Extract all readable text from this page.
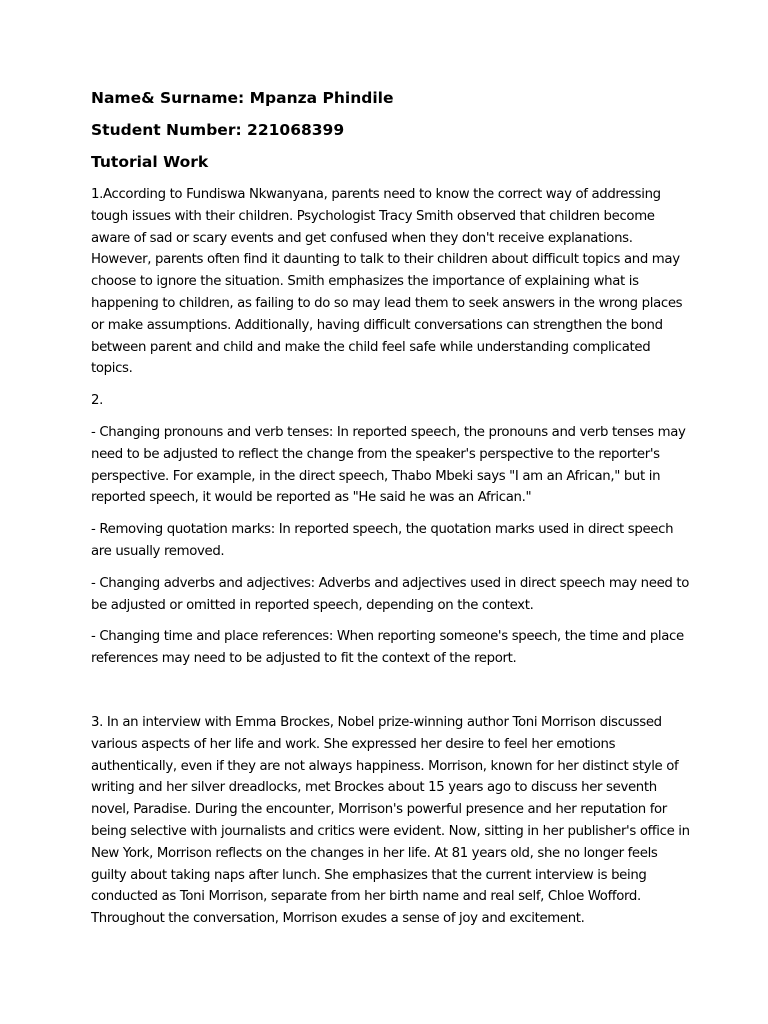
Name& Surname: Mpanza Phindile

Student Number: 221068399

Tutorial Work

1.According to Fundiswa Nkwanyana, parents need to know the correct way of addressing tough issues with their children. Psychologist Tracy Smith observed that children become aware of sad or scary events and get confused when they don't receive explanations. However, parents often find it daunting to talk to their children about difficult topics and may choose to ignore the situation. Smith emphasizes the importance of explaining what is happening to children, as failing to do so may lead them to seek answers in the wrong places or make assumptions. Additionally, having difficult conversations can strengthen the bond between parent and child and make the child feel safe while understanding complicated topics.

2.

- Changing pronouns and verb tenses: In reported speech, the pronouns and verb tenses may need to be adjusted to reflect the change from the speaker's perspective to the reporter's perspective. For example, in the direct speech, Thabo Mbeki says "I am an African," but in reported speech, it would be reported as "He said he was an African."

- Removing quotation marks: In reported speech, the quotation marks used in direct speech are usually removed.

- Changing adverbs and adjectives: Adverbs and adjectives used in direct speech may need to be adjusted or omitted in reported speech, depending on the context.

- Changing time and place references: When reporting someone's speech, the time and place references may need to be adjusted to fit the context of the report.

3. In an interview with Emma Brockes, Nobel prize-winning author Toni Morrison discussed various aspects of her life and work. She expressed her desire to feel her emotions authentically, even if they are not always happiness. Morrison, known for her distinct style of writing and her silver dreadlocks, met Brockes about 15 years ago to discuss her seventh novel, Paradise. During the encounter, Morrison's powerful presence and her reputation for being selective with journalists and critics were evident. Now, sitting in her publisher's office in New York, Morrison reflects on the changes in her life. At 81 years old, she no longer feels guilty about taking naps after lunch. She emphasizes that the current interview is being conducted as Toni Morrison, separate from her birth name and real self, Chloe Wofford. Throughout the conversation, Morrison exudes a sense of joy and excitement.
